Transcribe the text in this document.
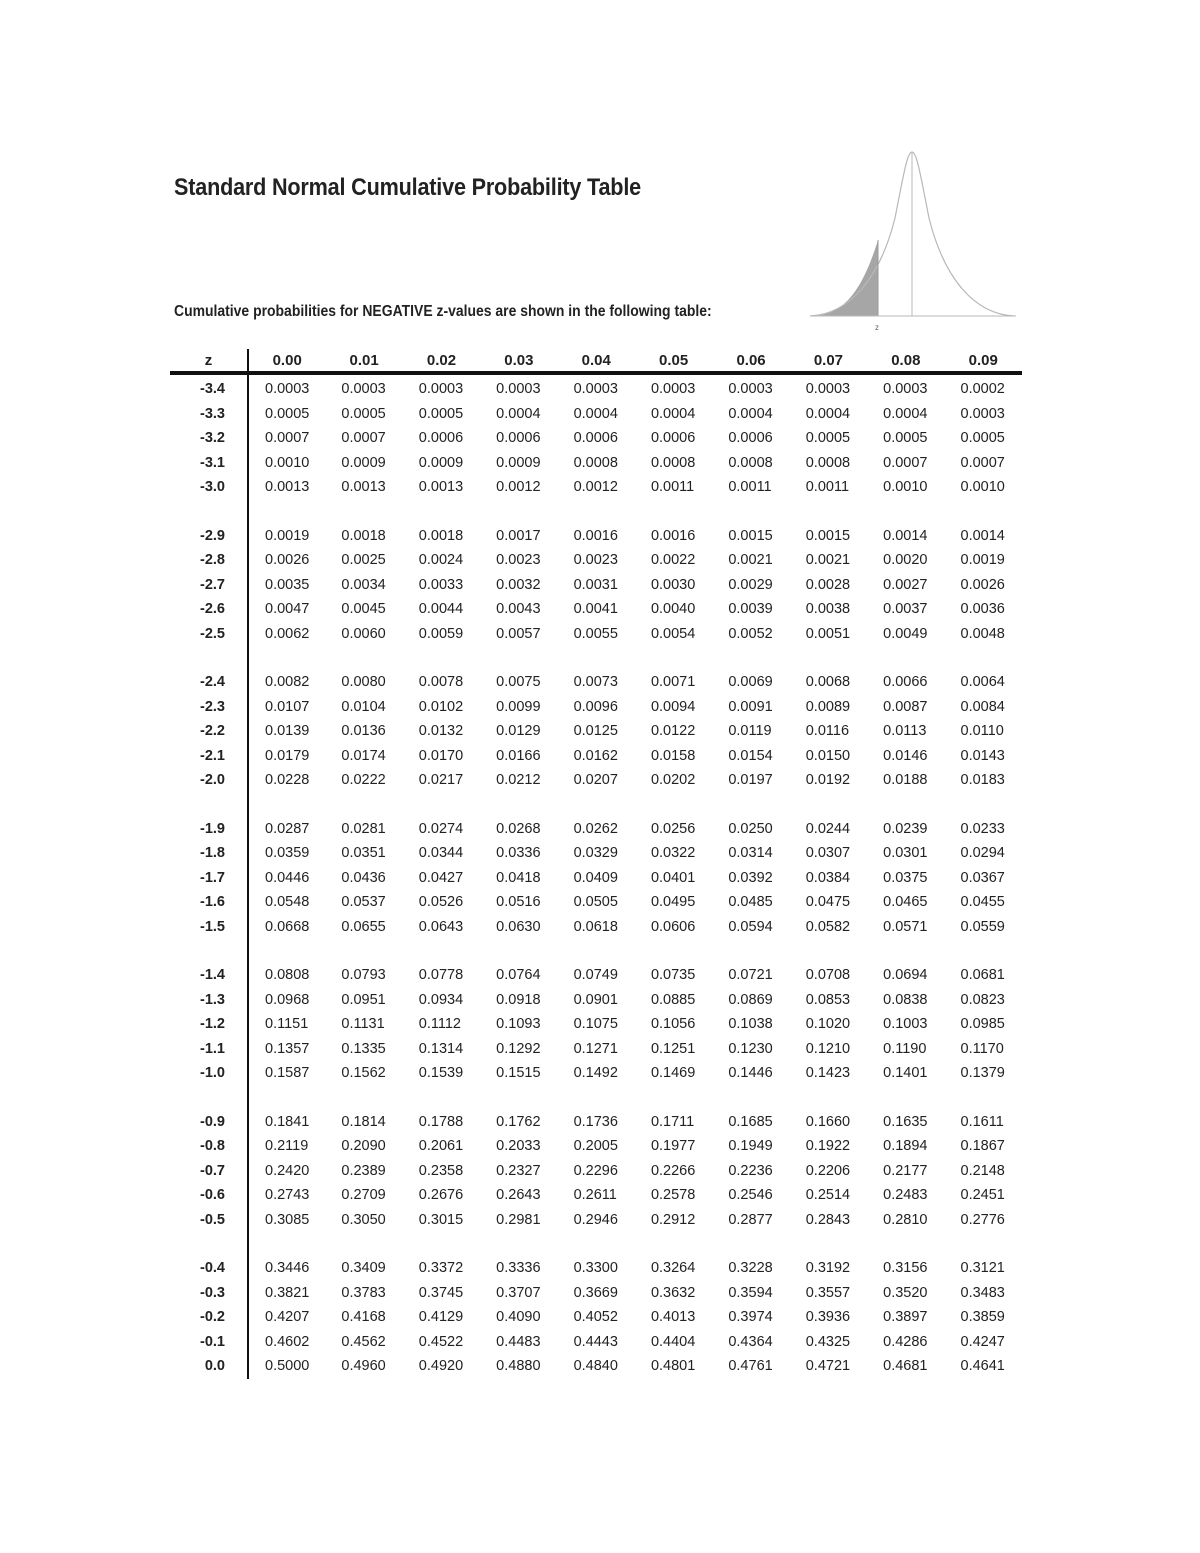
Standard Normal Cumulative Probability Table
z
Cumulative probabilities for NEGATIVE z-values are shown in the following table:
z	0.00	0.01	0.02	0.03	0.04	0.05	0.06	0.07	0.08	0.09
-3.4	0.0003	0.0003	0.0003	0.0003	0.0003	0.0003	0.0003	0.0003	0.0003	0.0002
-3.3	0.0005	0.0005	0.0005	0.0004	0.0004	0.0004	0.0004	0.0004	0.0004	0.0003
-3.2	0.0007	0.0007	0.0006	0.0006	0.0006	0.0006	0.0006	0.0005	0.0005	0.0005
-3.1	0.0010	0.0009	0.0009	0.0009	0.0008	0.0008	0.0008	0.0008	0.0007	0.0007
-3.0	0.0013	0.0013	0.0013	0.0012	0.0012	0.0011	0.0011	0.0011	0.0010	0.0010

-2.9	0.0019	0.0018	0.0018	0.0017	0.0016	0.0016	0.0015	0.0015	0.0014	0.0014
-2.8	0.0026	0.0025	0.0024	0.0023	0.0023	0.0022	0.0021	0.0021	0.0020	0.0019
-2.7	0.0035	0.0034	0.0033	0.0032	0.0031	0.0030	0.0029	0.0028	0.0027	0.0026
-2.6	0.0047	0.0045	0.0044	0.0043	0.0041	0.0040	0.0039	0.0038	0.0037	0.0036
-2.5	0.0062	0.0060	0.0059	0.0057	0.0055	0.0054	0.0052	0.0051	0.0049	0.0048

-2.4	0.0082	0.0080	0.0078	0.0075	0.0073	0.0071	0.0069	0.0068	0.0066	0.0064
-2.3	0.0107	0.0104	0.0102	0.0099	0.0096	0.0094	0.0091	0.0089	0.0087	0.0084
-2.2	0.0139	0.0136	0.0132	0.0129	0.0125	0.0122	0.0119	0.0116	0.0113	0.0110
-2.1	0.0179	0.0174	0.0170	0.0166	0.0162	0.0158	0.0154	0.0150	0.0146	0.0143
-2.0	0.0228	0.0222	0.0217	0.0212	0.0207	0.0202	0.0197	0.0192	0.0188	0.0183

-1.9	0.0287	0.0281	0.0274	0.0268	0.0262	0.0256	0.0250	0.0244	0.0239	0.0233
-1.8	0.0359	0.0351	0.0344	0.0336	0.0329	0.0322	0.0314	0.0307	0.0301	0.0294
-1.7	0.0446	0.0436	0.0427	0.0418	0.0409	0.0401	0.0392	0.0384	0.0375	0.0367
-1.6	0.0548	0.0537	0.0526	0.0516	0.0505	0.0495	0.0485	0.0475	0.0465	0.0455
-1.5	0.0668	0.0655	0.0643	0.0630	0.0618	0.0606	0.0594	0.0582	0.0571	0.0559

-1.4	0.0808	0.0793	0.0778	0.0764	0.0749	0.0735	0.0721	0.0708	0.0694	0.0681
-1.3	0.0968	0.0951	0.0934	0.0918	0.0901	0.0885	0.0869	0.0853	0.0838	0.0823
-1.2	0.1151	0.1131	0.1112	0.1093	0.1075	0.1056	0.1038	0.1020	0.1003	0.0985
-1.1	0.1357	0.1335	0.1314	0.1292	0.1271	0.1251	0.1230	0.1210	0.1190	0.1170
-1.0	0.1587	0.1562	0.1539	0.1515	0.1492	0.1469	0.1446	0.1423	0.1401	0.1379

-0.9	0.1841	0.1814	0.1788	0.1762	0.1736	0.1711	0.1685	0.1660	0.1635	0.1611
-0.8	0.2119	0.2090	0.2061	0.2033	0.2005	0.1977	0.1949	0.1922	0.1894	0.1867
-0.7	0.2420	0.2389	0.2358	0.2327	0.2296	0.2266	0.2236	0.2206	0.2177	0.2148
-0.6	0.2743	0.2709	0.2676	0.2643	0.2611	0.2578	0.2546	0.2514	0.2483	0.2451
-0.5	0.3085	0.3050	0.3015	0.2981	0.2946	0.2912	0.2877	0.2843	0.2810	0.2776

-0.4	0.3446	0.3409	0.3372	0.3336	0.3300	0.3264	0.3228	0.3192	0.3156	0.3121
-0.3	0.3821	0.3783	0.3745	0.3707	0.3669	0.3632	0.3594	0.3557	0.3520	0.3483
-0.2	0.4207	0.4168	0.4129	0.4090	0.4052	0.4013	0.3974	0.3936	0.3897	0.3859
-0.1	0.4602	0.4562	0.4522	0.4483	0.4443	0.4404	0.4364	0.4325	0.4286	0.4247
0.0	0.5000	0.4960	0.4920	0.4880	0.4840	0.4801	0.4761	0.4721	0.4681	0.4641
